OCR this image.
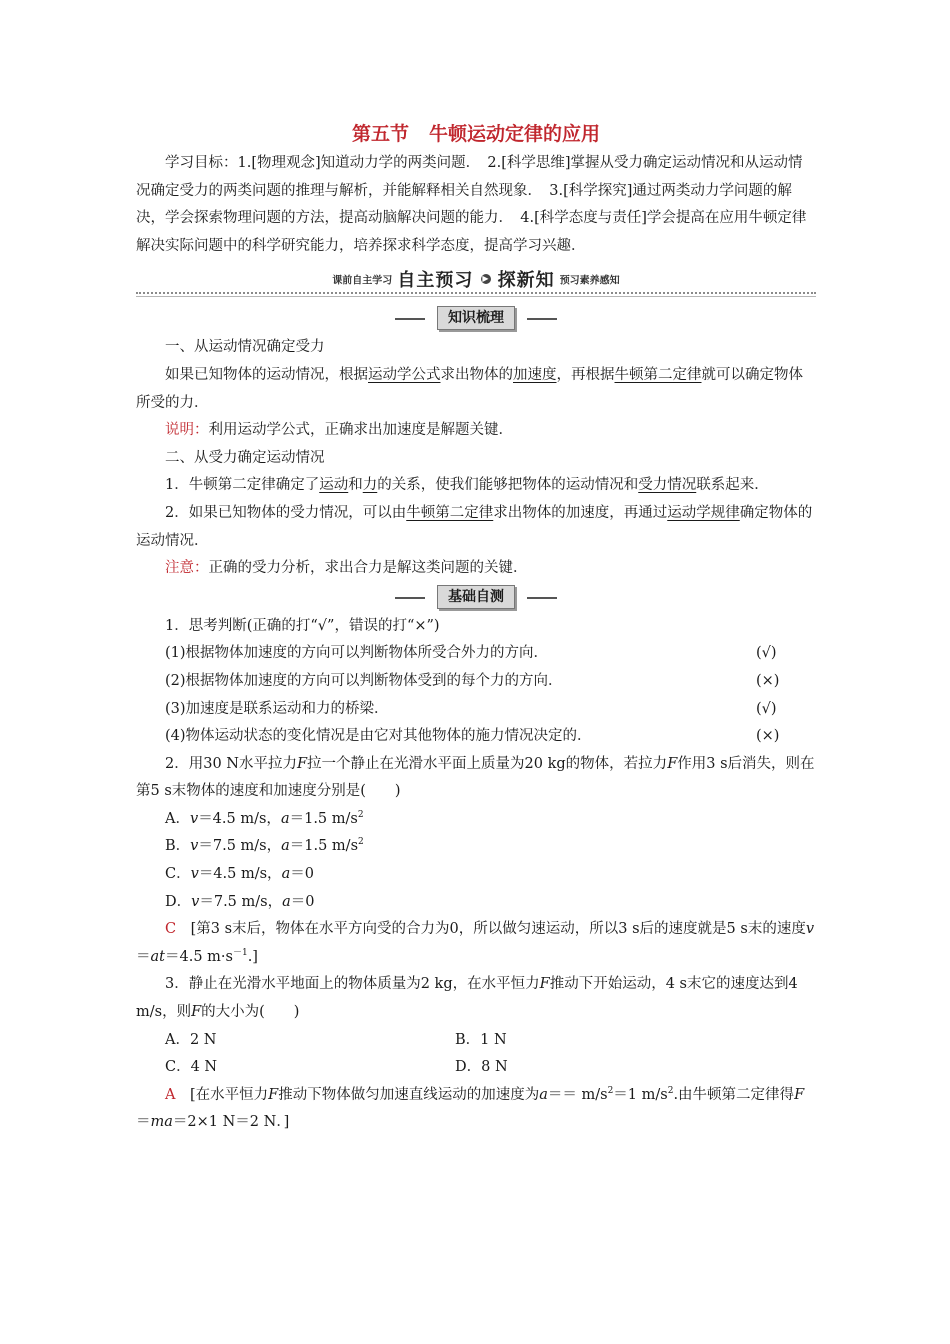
第五节 牛顿运动定律的应用

学习目标：1.[物理观念]知道动力学的两类问题．　2.[科学思维]掌握从受力确定运动情况和从运动情况确定受力的两类问题的推理与解析，并能解释相关自然现象．　3.[科学探究]通过两类动力学问题的解决，学会探索物理问题的方法，提高动脑解决问题的能力．　4.[科学态度与责任]学会提高在应用牛顿定律解决实际问题中的科学研究能力，培养探求科学态度，提高学习兴趣．

课前自主学习 自主预习 ▶ 探新知 预习素养感知
知识梳理

一、从运动情况确定受力

如果已知物体的运动情况，根据运动学公式求出物体的加速度，再根据牛顿第二定律就可以确定物体所受的力．

说明：利用运动学公式，正确求出加速度是解题关键．

二、从受力确定运动情况

1．牛顿第二定律确定了运动和力的关系，使我们能够把物体的运动情况和受力情况联系起来．

2．如果已知物体的受力情况，可以由牛顿第二定律求出物体的加速度，再通过运动学规律确定物体的运动情况．

注意：正确的受力分析，求出合力是解这类问题的关键．

基础自测

1．思考判断(正确的打“√”，错误的打“×”)

(1)根据物体加速度的方向可以判断物体所受合外力的方向．	(√)

(2)根据物体加速度的方向可以判断物体受到的每个力的方向．	(×)

(3)加速度是联系运动和力的桥梁．	(√)

(4)物体运动状态的变化情况是由它对其他物体的施力情况决定的．	(×)

2．用30 N水平拉力F拉一个静止在光滑水平面上质量为20 kg的物体，若拉力F作用3 s后消失，则在第5 s末物体的速度和加速度分别是(　　)

A．v＝4.5 m/s，a＝1.5 $m/s^2$

B．v＝7.5 m/s，a＝1.5 $m/s^2$

C．v＝4.5 m/s，a＝0

D．v＝7.5 m/s，a＝0

C　[第3 s末后，物体在水平方向受的合力为0，所以做匀速运动，所以3 s后的速度就是5 s末的速度v＝at＝4.5 $m\cdot s^{-1}$.]

3．静止在光滑水平地面上的物体质量为2 kg，在水平恒力F推动下开始运动，4 s末它的速度达到4 m/s，则F的大小为(　　)

A．2 N	B．1 N

C．4 N	D．8 N

A　[在水平恒力F推动下物体做匀加速直线运动的加速度为$a== m/s^2=1$ $m/s^2$.由牛顿第二定律得F＝ma＝2×1 N＝2 N．]
